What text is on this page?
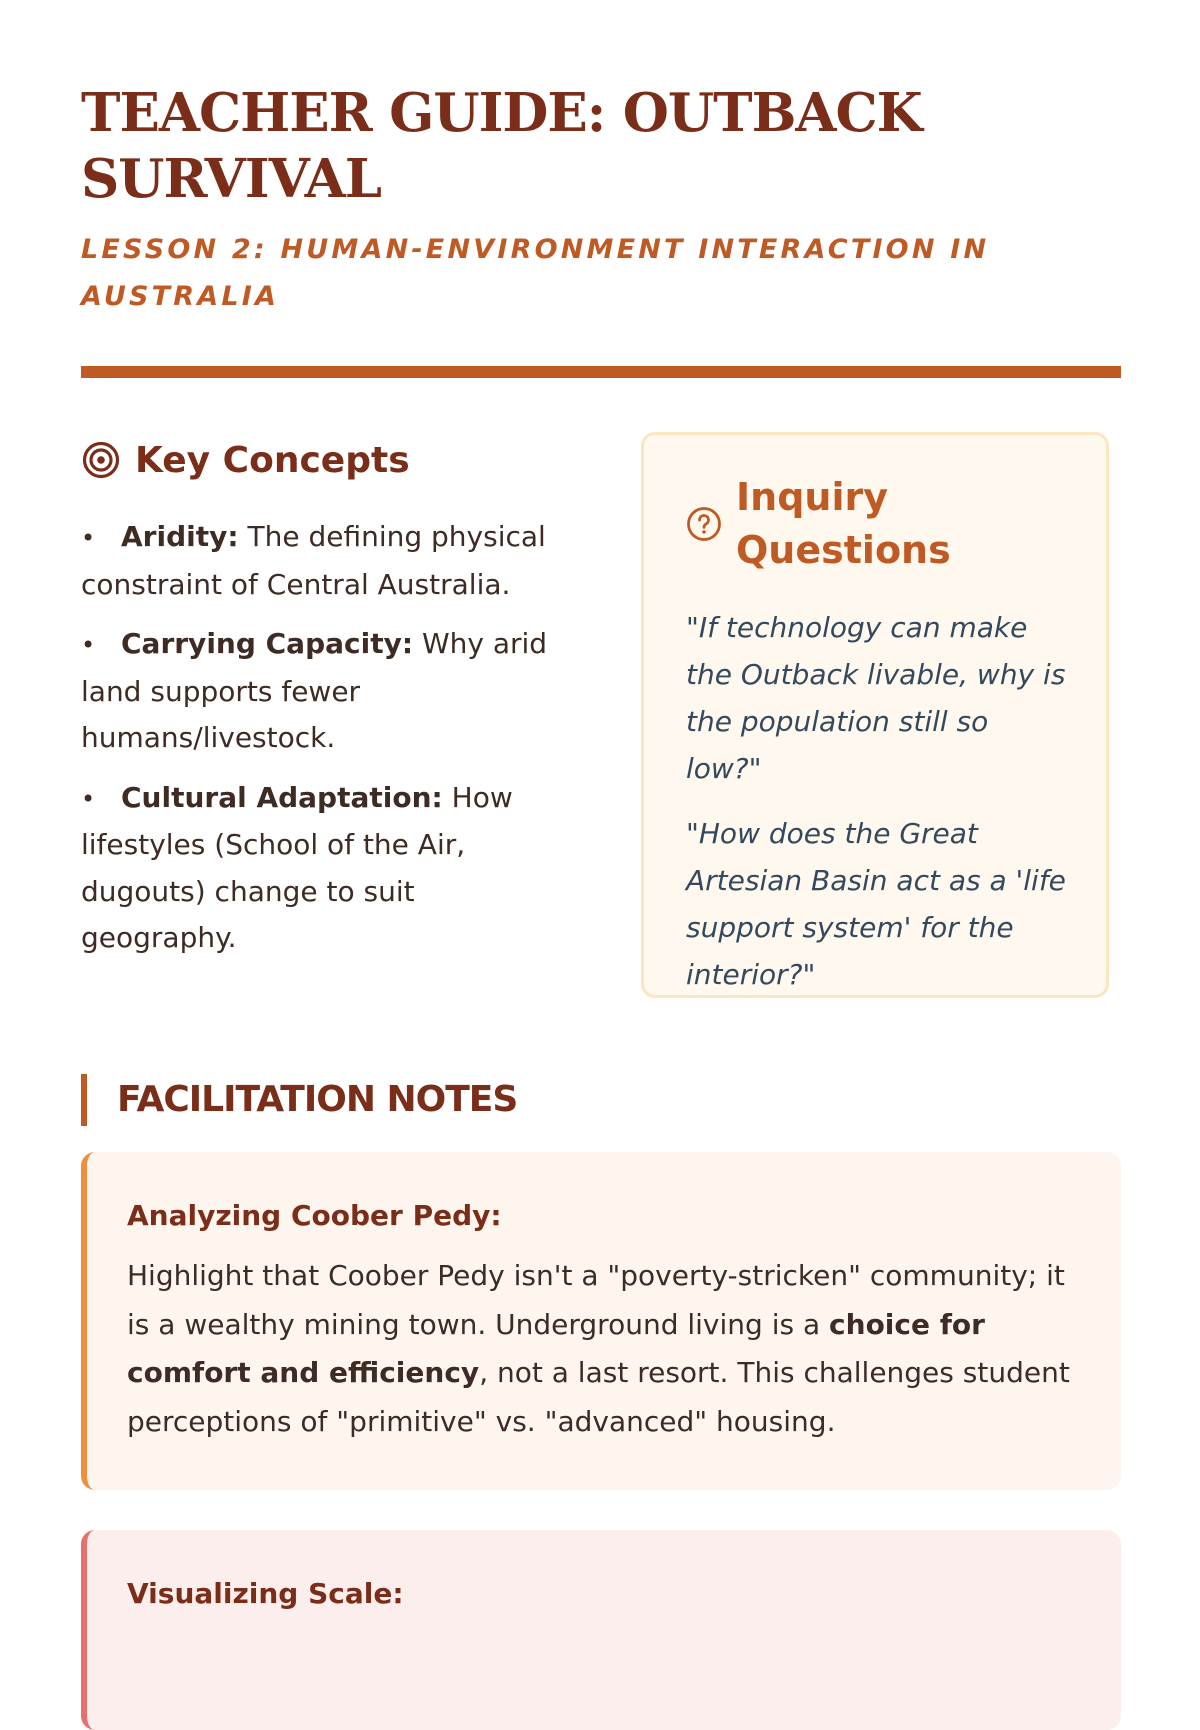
TEACHER GUIDE: OUTBACK SURVIVAL
LESSON 2: HUMAN-ENVIRONMENT INTERACTION IN AUSTRALIA
Key Concepts
• Aridity: The defining physical constraint of Central Australia.
• Carrying Capacity: Why arid land supports fewer humans/livestock.
• Cultural Adaptation: How lifestyles (School of the Air, dugouts) change to suit geography.
Inquiry Questions

"If technology can make the Outback livable, why is the population still so low?"

"How does the Great Artesian Basin act as a 'life support system' for the interior?"

FACILITATION NOTES
Analyzing Coober Pedy:

Highlight that Coober Pedy isn't a "poverty-stricken" community; it is a wealthy mining town. Underground living is a choice for comfort and efficiency, not a last resort. This challenges student perceptions of "primitive" vs. "advanced" housing.

Visualizing Scale:
